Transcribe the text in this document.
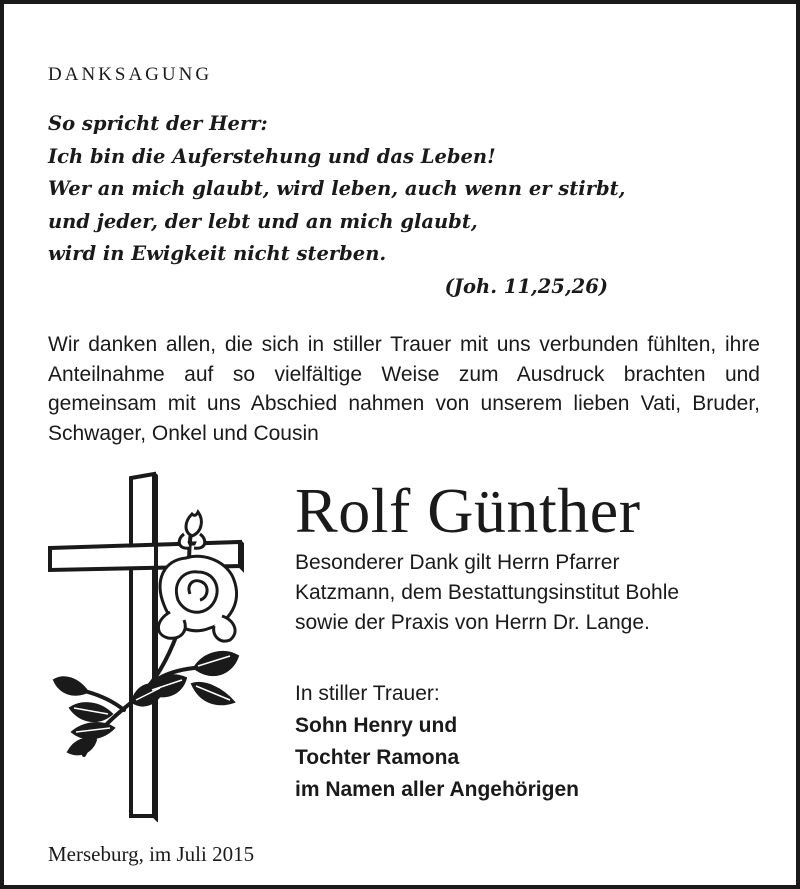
DANKSAGUNG
So spricht der Herr:
Ich bin die Auferstehung und das Leben!
Wer an mich glaubt, wird leben, auch wenn er stirbt,
und jeder, der lebt und an mich glaubt,
wird in Ewigkeit nicht sterben.
(Joh. 11,25,26)
Wir danken allen, die sich in stiller Trauer mit uns verbunden fühlten, ihre Anteilnahme auf so vielfältige Weise zum Ausdruck brachten und gemeinsam mit uns Abschied nahmen von unserem lieben Vati, Bruder, Schwager, Onkel und Cousin
Rolf Günther
Besonderer Dank gilt Herrn Pfarrer
Katzmann, dem Bestattungsinstitut Bohle
sowie der Praxis von Herrn Dr. Lange.
In stiller Trauer:
Sohn Henry und
Tochter Ramona
im Namen aller Angehörigen
Merseburg, im Juli 2015
